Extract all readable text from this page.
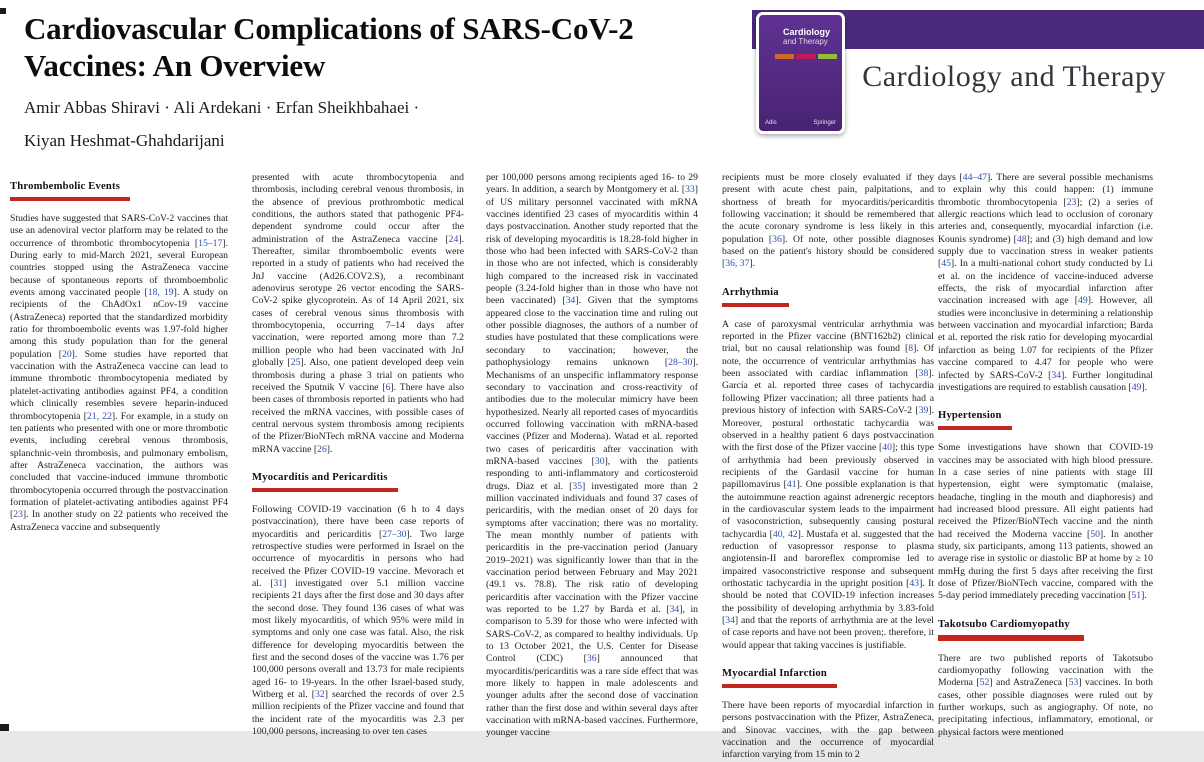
Cardiovascular Complications of SARS-CoV-2 Vaccines: An Overview
Amir Abbas Shiravi · Ali Ardekani · Erfan Sheikhbahaei ·
Kiyan Heshmat-Ghahdarijani
Cardiology
and Therapy
Adis	Springer
Cardiology and Therapy
Thrombembolic Events

Studies have suggested that SARS-CoV-2 vaccines that use an adenoviral vector platform may be related to the occurrence of thrombotic thrombocytopenia [15–17]. During early to mid-March 2021, several European countries stopped using the AstraZeneca vaccine because of spontaneous reports of thromboembolic events among vaccinated people [18, 19]. A study on recipients of the ChAdOx1 nCov-19 vaccine (AstraZeneca) reported that the standardized morbidity ratio for thromboembolic events was 1.97-fold higher among this study population than for the general population [20]. Some studies have reported that vaccination with the AstraZeneca vaccine can lead to immune thrombotic thrombocytopenia mediated by platelet-activating antibodies against PF4, a condition which clinically resembles severe heparin-induced thrombocytopenia [21, 22]. For example, in a study on ten patients who presented with one or more thrombotic events, including cerebral venous thrombosis, splanchnic-vein thrombosis, and pulmonary embolism, after AstraZeneca vaccination, the authors was concluded that vaccine-induced immune thrombotic thrombocytopenia occurred through the postvaccination formation of platelet-activating antibodies against PF4 [23]. In another study on 22 patients who received the AstraZeneca vaccine and subsequently

presented with acute thrombocytopenia and thrombosis, including cerebral venous thrombosis, in the absence of previous prothrombotic medical conditions, the authors stated that pathogenic PF4-dependent syndrome could occur after the administration of the AstraZeneca vaccine [24]. Thereafter, similar thromboembolic events were reported in a study of patients who had received the JnJ vaccine (Ad26.COV2.S), a recombinant adenovirus serotype 26 vector encoding the SARS-CoV-2 spike glycoprotein. As of 14 April 2021, six cases of cerebral venous sinus thrombosis with thrombocytopenia, occurring 7–14 days after vaccination, were reported among more than 7.2 million people who had been vaccinated with JnJ globally [25]. Also, one patient developed deep vein thrombosis during a phase 3 trial on patients who received the Sputnik V vaccine [6]. There have also been cases of thrombosis reported in patients who had received the mRNA vaccines, with possible cases of central nervous system thrombosis among recipients of the Pfizer/BioNTech mRNA vaccine and Moderna mRNA vaccine [26].

Myocarditis and Pericarditis

Following COVID-19 vaccination (6 h to 4 days postvaccination), there have been case reports of myocarditis and pericarditis [27–30]. Two large retrospective studies were performed in Israel on the occurrence of myocarditis in persons who had received the Pfizer COVID-19 vaccine. Mevorach et al. [31] investigated over 5.1 million vaccine recipients 21 days after the first dose and 30 days after the second dose. They found 136 cases of what was most likely myocarditis, of which 95% were mild in symptoms and only one case was fatal. Also, the risk difference for developing myocarditis between the first and the second doses of the vaccine was 1.76 per 100,000 persons overall and 13.73 for male recipients aged 16- to 19-years. In the other Israel-based study, Witberg et al. [32] searched the records of over 2.5 million recipients of the Pfizer vaccine and found that the incident rate of the myocarditis was 2.3 per 100,000 persons, increasing to over ten cases

per 100,000 persons among recipients aged 16- to 29 years. In addition, a search by Montgomery et al. [33] of US military personnel vaccinated with mRNA vaccines identified 23 cases of myocarditis within 4 days postvaccination. Another study reported that the risk of developing myocarditis is 18.28-fold higher in those who had been infected with SARS-CoV-2 than in those who are not infected, which is considerably high compared to the increased risk in vaccinated people (3.24-fold higher than in those who have not been vaccinated) [34]. Given that the symptoms appeared close to the vaccination time and ruling out other possible diagnoses, the authors of a number of studies have postulated that these complications were secondary to vaccination; however, the pathophysiology remains unknown [28–30]. Mechanisms of an unspecific inflammatory response secondary to vaccination and cross-reactivity of antibodies due to the molecular mimicry have been hypothesized. Nearly all reported cases of myocarditis occurred following vaccination with mRNA-based vaccines (Pfizer and Moderna). Watad et al. reported two cases of pericarditis after vaccination with mRNA-based vaccines [30], with the patients responding to anti-inflammatory and corticosteroid drugs. Diaz et al. [35] investigated more than 2 million vaccinated individuals and found 37 cases of pericarditis, with the median onset of 20 days for symptoms after vaccination; there was no mortality. The mean monthly number of patients with pericarditis in the pre-vaccination period (January 2019–2021) was significantly lower than that in the vaccination period between February and May 2021 (49.1 vs. 78.8). The risk ratio of developing pericarditis after vaccination with the Pfizer vaccine was reported to be 1.27 by Barda et al. [34], in comparison to 5.39 for those who were infected with SARS-CoV-2, as compared to healthy individuals. Up to 13 October 2021, the U.S. Center for Disease Control (CDC) [36] announced that myocarditis/pericarditis was a rare side effect that was more likely to happen in male adolescents and younger adults after the second dose of vaccination rather than the first dose and within several days after vaccination with mRNA-based vaccines. Furthermore, younger vaccine

recipients must be more closely evaluated if they present with acute chest pain, palpitations, and shortness of breath for myocarditis/pericarditis following vaccination; it should be remembered that the acute coronary syndrome is less likely in this population [36]. Of note, other possible diagnoses based on the patient's history should be considered [36, 37].

Arrhythmia

A case of paroxysmal ventricular arrhythmia was reported in the Pfizer vaccine (BNT162b2) clinical trial, but no causal relationship was found [8]. Of note, the occurrence of ventricular arrhythmias has been associated with cardiac inflammation [38]. García et al. reported three cases of tachycardia following Pfizer vaccination; all three patients had a previous history of infection with SARS-CoV-2 [39]. Moreover, postural orthostatic tachycardia was observed in a healthy patient 6 days postvaccination with the first dose of the Pfizer vaccine [40]; this type of arrhythmia had been previously observed in recipients of the Gardasil vaccine for human papillomavirus [41]. One possible explanation is that the autoimmune reaction against adrenergic receptors in the cardiovascular system leads to the impairment of vasoconstriction, subsequently causing postural tachycardia [40, 42]. Mustafa et al. suggested that the reduction of vasopressor response to plasma angiotensin-II and baroreflex compromise led to impaired vasoconstrictive response and subsequent orthostatic tachycardia in the upright position [43]. It should be noted that COVID-19 infection increases the possibility of developing arrhythmia by 3.83-fold [34] and that the reports of arrhythmia are at the level of case reports and have not been proven;. therefore, it would appear that taking vaccines is justifiable.

Myocardial Infarction

There have been reports of myocardial infarction in persons postvaccination with the Pfizer, AstraZeneca, and Sinovac vaccines, with the gap between vaccination and the occurrence of myocardial infarction varying from 15 min to 2

days [44–47]. There are several possible mechanisms to explain why this could happen: (1) immune thrombotic thrombocytopenia [23]; (2) a series of allergic reactions which lead to occlusion of coronary arteries and, consequently, myocardial infarction (i.e. Kounis syndrome) [48]; and (3) high demand and low supply due to vaccination stress in weaker patients [45]. In a multi-national cohort study conducted by Li et al. on the incidence of vaccine-induced adverse effects, the risk of myocardial infarction after vaccination increased with age [49]. However, all studies were inconclusive in determining a relationship between vaccination and myocardial infarction; Barda et al. reported the risk ratio for developing myocardial infarction as being 1.07 for recipients of the Pfizer vaccine compared to 4.47 for people who were infected by SARS-CoV-2 [34]. Further longitudinal investigations are required to establish causation [49].

Hypertension

Some investigations have shown that COVID-19 vaccines may be associated with high blood pressure. In a case series of nine patients with stage III hypertension, eight were symptomatic (malaise, headache, tingling in the mouth and diaphoresis) and had increased blood pressure. All eight patients had received the Pfizer/BioNTech vaccine and the ninth had received the Moderna vaccine [50]. In another study, six participants, among 113 patients, showed an average rise in systolic or diastolic BP at home by ≥ 10 mmHg during the first 5 days after receiving the first dose of Pfizer/BioNTech vaccine, compared with the 5-day period immediately preceding vaccination [51].

Takotsubo Cardiomyopathy

There are two published reports of Takotsubo cardiomyopathy following vaccination with the Moderna [52] and AstraZeneca [53] vaccines. In both cases, other possible diagnoses were ruled out by further workups, such as angiography. Of note, no precipitating infectious, inflammatory, emotional, or physical factors were mentioned
